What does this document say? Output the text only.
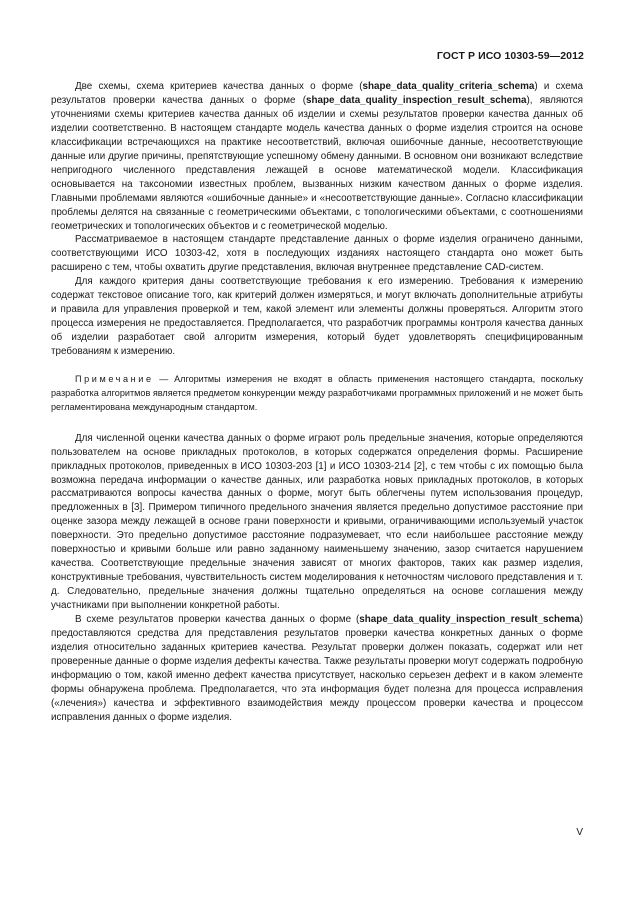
ГОСТ Р ИСО 10303-59—2012

Две схемы, схема критериев качества данных о форме (shape_data_quality_criteria_schema) и схема результатов проверки качества данных о форме (shape_data_quality_inspection_result_schema), являются уточнениями схемы критериев качества данных об изделии и схемы результатов проверки качества данных об изделии соответственно. В настоящем стандарте модель качества данных о форме изделия строится на основе классификации встречающихся на практике несоответствий, включая ошибочные данные, несоответствующие данные или другие причины, препятствующие успешному обмену данными. В основном они возникают вследствие непригодного численного представления лежащей в основе математической модели. Классификация основывается на таксономии известных проблем, вызванных низким качеством данных о форме изделия. Главными проблемами являются «ошибочные данные» и «несоответствующие данные». Согласно классификации проблемы делятся на связанные с геометрическими объектами, с топологическими объектами, с соотношениями геометрических и топологических объектов и с геометрической моделью.

Рассматриваемое в настоящем стандарте представление данных о форме изделия ограничено данными, соответствующими ИСО 10303-42, хотя в последующих изданиях настоящего стандарта оно может быть расширено с тем, чтобы охватить другие представления, включая внутреннее представление CAD-систем.

Для каждого критерия даны соответствующие требования к его измерению. Требования к измерению содержат текстовое описание того, как критерий должен измеряться, и могут включать дополнительные атрибуты и правила для управления проверкой и тем, какой элемент или элементы должны проверяться. Алгоритм этого процесса измерения не предоставляется. Предполагается, что разработчик программы контроля качества данных об изделии разработает свой алгоритм измерения, который будет удовлетворять специфицированным требованиям к измерению.

Примечание — Алгоритмы измерения не входят в область применения настоящего стандарта, поскольку разработка алгоритмов является предметом конкуренции между разработчиками программных приложений и не может быть регламентирована международным стандартом.

Для численной оценки качества данных о форме играют роль предельные значения, которые определяются пользователем на основе прикладных протоколов, в которых содержатся определения формы. Расширение прикладных протоколов, приведенных в ИСО 10303-203 [1] и ИСО 10303-214 [2], с тем чтобы с их помощью была возможна передача информации о качестве данных, или разработка новых прикладных протоколов, в которых рассматриваются вопросы качества данных о форме, могут быть облегчены путем использования процедур, предложенных в [3]. Примером типичного предельного значения является предельно допустимое расстояние при оценке зазора между лежащей в основе грани поверхности и кривыми, ограничивающими используемый участок поверхности. Это предельно допустимое расстояние подразумевает, что если наибольшее расстояние между поверхностью и кривыми больше или равно заданному наименьшему значению, зазор считается нарушением качества. Соответствующие предельные значения зависят от многих факторов, таких как размер изделия, конструктивные требования, чувствительность систем моделирования к неточностям числового представления и т. д. Следовательно, предельные значения должны тщательно определяться на основе соглашения между участниками при выполнении конкретной работы.

В схеме результатов проверки качества данных о форме (shape_data_quality_inspection_result_schema) предоставляются средства для представления результатов проверки качества конкретных данных о форме изделия относительно заданных критериев качества. Результат проверки должен показать, содержат или нет проверенные данные о форме изделия дефекты качества. Также результаты проверки могут содержать подробную информацию о том, какой именно дефект качества присутствует, насколько серьезен дефект и в каком элементе формы обнаружена проблема. Предполагается, что эта информация будет полезна для процесса исправления («лечения») качества и эффективного взаимодействия между процессом проверки качества и процессом исправления данных о форме изделия.

V
